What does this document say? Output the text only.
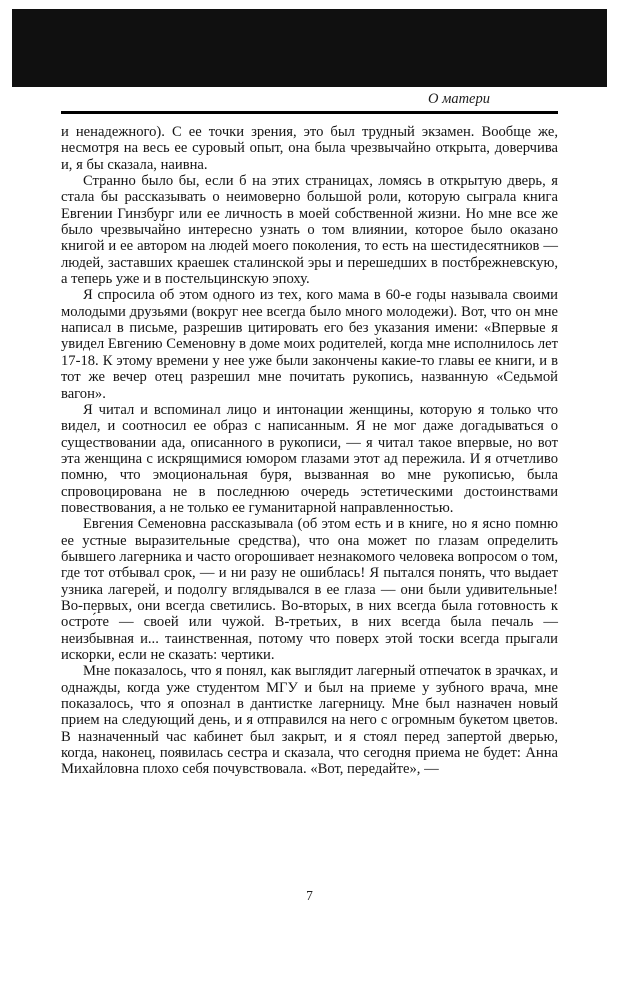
О матери

и ненадежного). С ее точки зрения, это был трудный экзамен. Вообще же, несмотря на весь ее суровый опыт, она была чрезвычайно открыта, доверчива и, я бы сказала, наивна.

Странно было бы, если б на этих страницах, ломясь в открытую дверь, я стала бы рассказывать о неимоверно большой роли, которую сыграла книга Евгении Гинзбург или ее личность в моей собственной жизни. Но мне все же было чрезвычайно интересно узнать о том влиянии, которое было оказано книгой и ее автором на людей моего поколения, то есть на шестидесятников — людей, заставших краешек сталинской эры и перешедших в постбрежневскую, а теперь уже и в постельцинскую эпоху.

Я спросила об этом одного из тех, кого мама в 60-е годы называла своими молодыми друзьями (вокруг нее всегда было много молодежи). Вот, что он мне написал в письме, разрешив цитировать его без указания имени: «Впервые я увидел Евгению Семеновну в доме моих родителей, когда мне исполнилось лет 17-18. К этому времени у нее уже были закончены какие-то главы ее книги, и в тот же вечер отец разрешил мне почитать рукопись, названную «Седьмой вагон».

Я читал и вспоминал лицо и интонации женщины, которую я только что видел, и соотносил ее образ с написанным. Я не мог даже догадываться о существовании ада, описанного в рукописи, — я читал такое впервые, но вот эта женщина с искрящимися юмором глазами этот ад пережила. И я отчетливо помню, что эмоциональная буря, вызванная во мне рукописью, была спровоцирована не в последнюю очередь эстетическими достоинствами повествования, а не только ее гуманитарной направленностью.

Евгения Семеновна рассказывала (об этом есть и в книге, но я ясно помню ее устные выразительные средства), что она может по глазам определить бывшего лагерника и часто огорошивает незнакомого человека вопросом о том, где тот отбывал срок, — и ни разу не ошиблась! Я пытался понять, что выдает узника лагерей, и подолгу вглядывался в ее глаза — они были удивительные! Во-первых, они всегда светились. Во-вторых, в них всегда была готовность к остро́те — своей или чужой. В-третьих, в них всегда была печаль — неизбывная и... таинственная, потому что поверх этой тоски всегда прыгали искорки, если не сказать: чертики.

Мне показалось, что я понял, как выглядит лагерный отпечаток в зрачках, и однажды, когда уже студентом МГУ и был на приеме у зубного врача, мне показалось, что я опознал в дантистке лагерницу. Мне был назначен новый прием на следующий день, и я отправился на него с огромным букетом цветов. В назначенный час кабинет был закрыт, и я стоял перед запертой дверью, когда, наконец, появилась сестра и сказала, что сегодня приема не будет: Анна Михайловна плохо себя почувствовала. «Вот, передайте», —

7
